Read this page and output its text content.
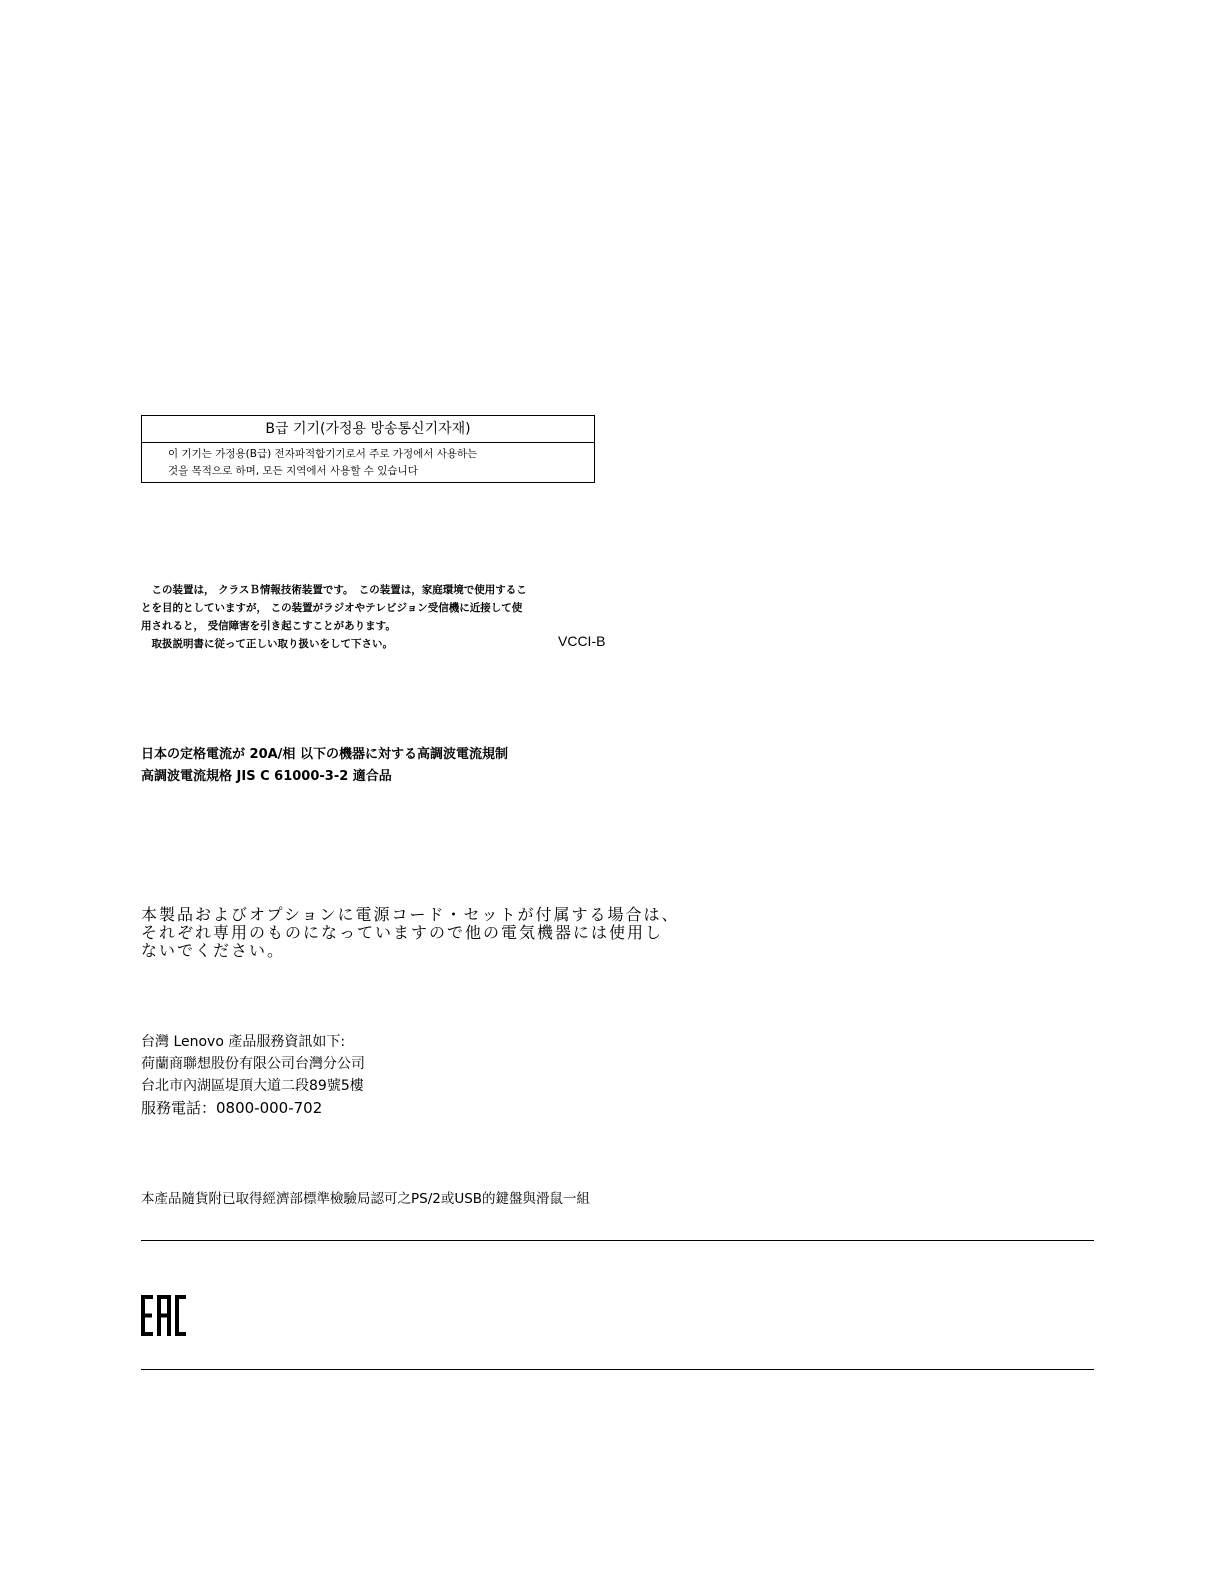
B급 기기(가정용 방송통신기자재)
이 기기는 가정용(B급) 전자파적합기기로서 주로 가정에서 사용하는
것을 목적으로 하며, 모든 지역에서 사용할 수 있습니다
　この装置は， クラスＢ情報技術装置です。　この装置は，家庭環境で使用するこ
とを目的としていますが， この装置がラジオやテレビジョン受信機に近接して使
用されると， 受信障害を引き起こすことがあります。
　取扱説明書に従って正しい取り扱いをして下さい。	VCCI-B
日本の定格電流が 20A/相 以下の機器に対する高調波電流規制
高調波電流規格 JIS C 61000-3-2 適合品
本製品およびオプションに電源コード・セットが付属する場合は、
それぞれ専用のものになっていますので他の電気機器には使用し
ないでください。
台灣 Lenovo 產品服務資訊如下:
荷蘭商聯想股份有限公司台灣分公司
台北市內湖區堤頂大道二段89號5樓
服務電話：0800-000-702
本產品隨貨附已取得經濟部標準檢驗局認可之PS/2或USB的鍵盤與滑鼠一組
